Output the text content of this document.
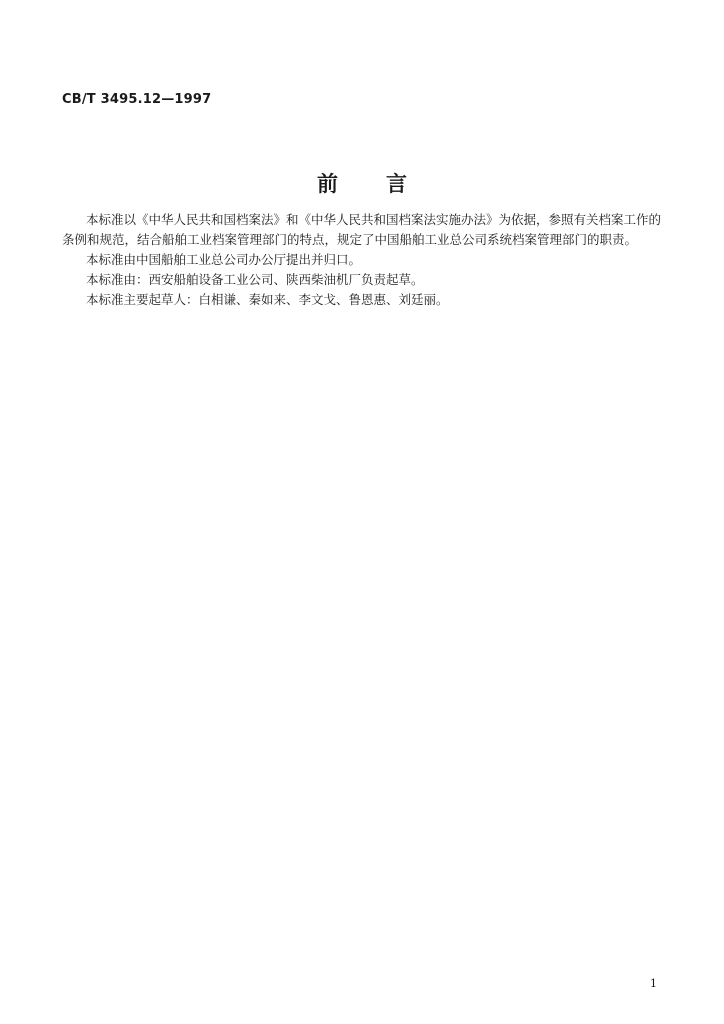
CB/T 3495.12—1997
前 言

本标准以《中华人民共和国档案法》和《中华人民共和国档案法实施办法》为依据，参照有关档案工作的条例和规范，结合船舶工业档案管理部门的特点，规定了中国船舶工业总公司系统档案管理部门的职责。

本标准由中国船舶工业总公司办公厅提出并归口。

本标准由：西安船舶设备工业公司、陕西柴油机厂负责起草。

本标准主要起草人：白相谦、秦如来、李文戈、鲁恩惠、刘廷丽。

1
